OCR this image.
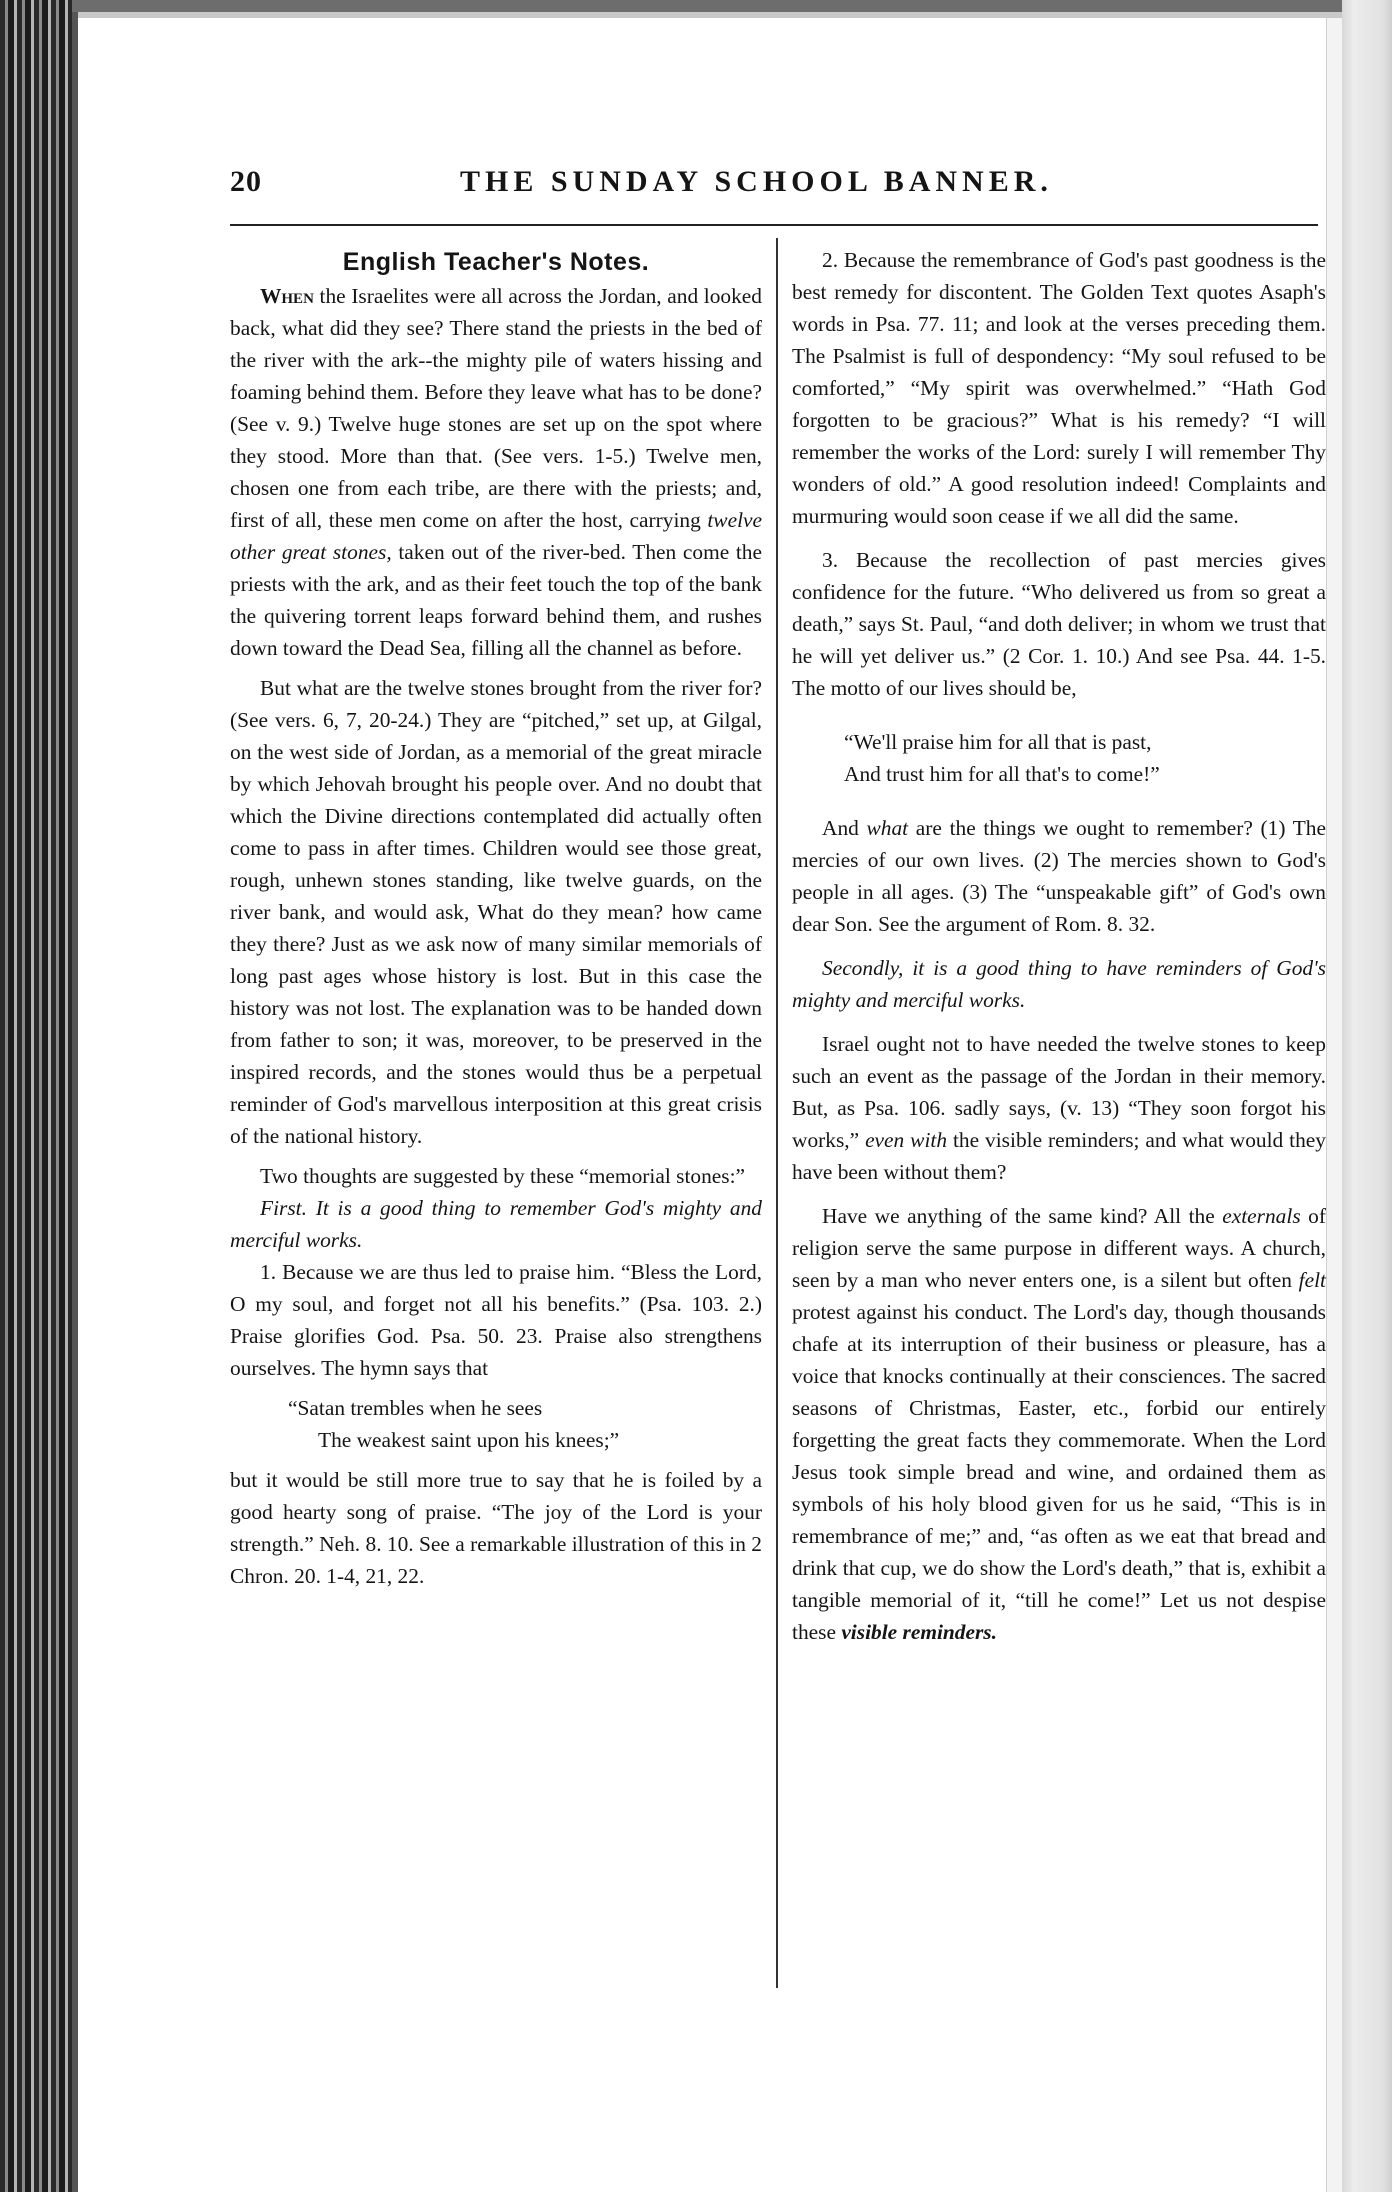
20	THE SUNDAY SCHOOL BANNER.
English Teacher's Notes.

When the Israelites were all across the Jordan, and looked back, what did they see? There stand the priests in the bed of the river with the ark--the mighty pile of waters hissing and foaming behind them. Before they leave what has to be done? (See v. 9.) Twelve huge stones are set up on the spot where they stood. More than that. (See vers. 1-5.) Twelve men, chosen one from each tribe, are there with the priests; and, first of all, these men come on after the host, carrying twelve other great stones, taken out of the river-bed. Then come the priests with the ark, and as their feet touch the top of the bank the quivering torrent leaps forward behind them, and rushes down toward the Dead Sea, filling all the channel as before.

But what are the twelve stones brought from the river for? (See vers. 6, 7, 20-24.) They are “pitched,” set up, at Gilgal, on the west side of Jordan, as a memorial of the great miracle by which Jehovah brought his people over. And no doubt that which the Divine directions contemplated did actually often come to pass in after times. Children would see those great, rough, unhewn stones standing, like twelve guards, on the river bank, and would ask, What do they mean? how came they there? Just as we ask now of many similar memorials of long past ages whose history is lost. But in this case the history was not lost. The explanation was to be handed down from father to son; it was, moreover, to be preserved in the inspired records, and the stones would thus be a perpetual reminder of God's marvellous interposition at this great crisis of the national history.

Two thoughts are suggested by these “memorial stones:”

First. It is a good thing to remember God's mighty and merciful works.

1. Because we are thus led to praise him. “Bless the Lord, O my soul, and forget not all his benefits.” (Psa. 103. 2.) Praise glorifies God. Psa. 50. 23. Praise also strengthens ourselves. The hymn says that

“Satan trembles when he sees
The weakest saint upon his knees;”

but it would be still more true to say that he is foiled by a good hearty song of praise. “The joy of the Lord is your strength.” Neh. 8. 10. See a remarkable illustration of this in 2 Chron. 20. 1-4, 21, 22.

2. Because the remembrance of God's past goodness is the best remedy for discontent. The Golden Text quotes Asaph's words in Psa. 77. 11; and look at the verses preceding them. The Psalmist is full of despondency: “My soul refused to be comforted,” “My spirit was overwhelmed.” “Hath God forgotten to be gracious?” What is his remedy? “I will remember the works of the Lord: surely I will remember Thy wonders of old.” A good resolution indeed! Complaints and murmuring would soon cease if we all did the same.

3. Because the recollection of past mercies gives confidence for the future. “Who delivered us from so great a death,” says St. Paul, “and doth deliver; in whom we trust that he will yet deliver us.” (2 Cor. 1. 10.) And see Psa. 44. 1-5. The motto of our lives should be,

“We'll praise him for all that is past,
And trust him for all that's to come!”

And what are the things we ought to remember? (1) The mercies of our own lives. (2) The mercies shown to God's people in all ages. (3) The “unspeakable gift” of God's own dear Son. See the argument of Rom. 8. 32.

Secondly, it is a good thing to have reminders of God's mighty and merciful works.

Israel ought not to have needed the twelve stones to keep such an event as the passage of the Jordan in their memory. But, as Psa. 106. sadly says, (v. 13) “They soon forgot his works,” even with the visible reminders; and what would they have been without them?

Have we anything of the same kind? All the externals of religion serve the same purpose in different ways. A church, seen by a man who never enters one, is a silent but often felt protest against his conduct. The Lord's day, though thousands chafe at its interruption of their business or pleasure, has a voice that knocks continually at their consciences. The sacred seasons of Christmas, Easter, etc., forbid our entirely forgetting the great facts they commemorate. When the Lord Jesus took simple bread and wine, and ordained them as symbols of his holy blood given for us he said, “This is in remembrance of me;” and, “as often as we eat that bread and drink that cup, we do show the Lord's death,” that is, exhibit a tangible memorial of it, “till he come!” Let us not despise these visible reminders.
